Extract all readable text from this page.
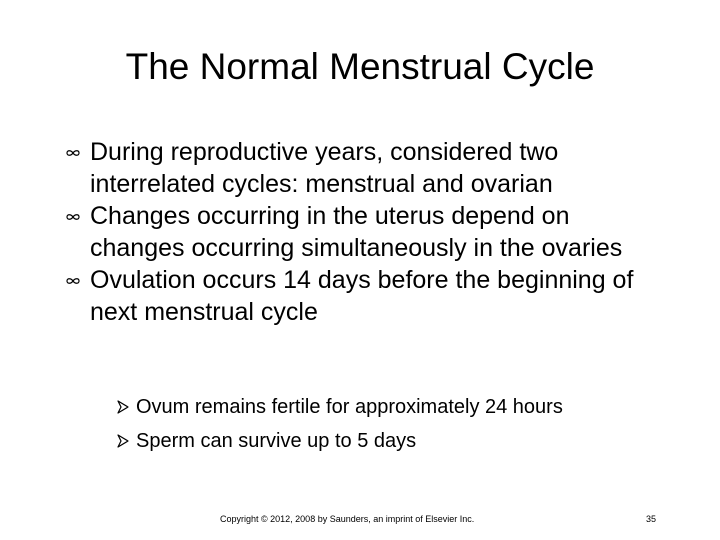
The Normal Menstrual Cycle
During reproductive years, considered two interrelated cycles: menstrual and ovarian
Changes occurring in the uterus depend on changes occurring simultaneously in the ovaries
Ovulation occurs 14 days before the beginning of next menstrual cycle
Ovum remains fertile for approximately 24 hours
Sperm can survive up to 5 days
Copyright © 2012, 2008 by Saunders, an imprint of Elsevier Inc.	35
